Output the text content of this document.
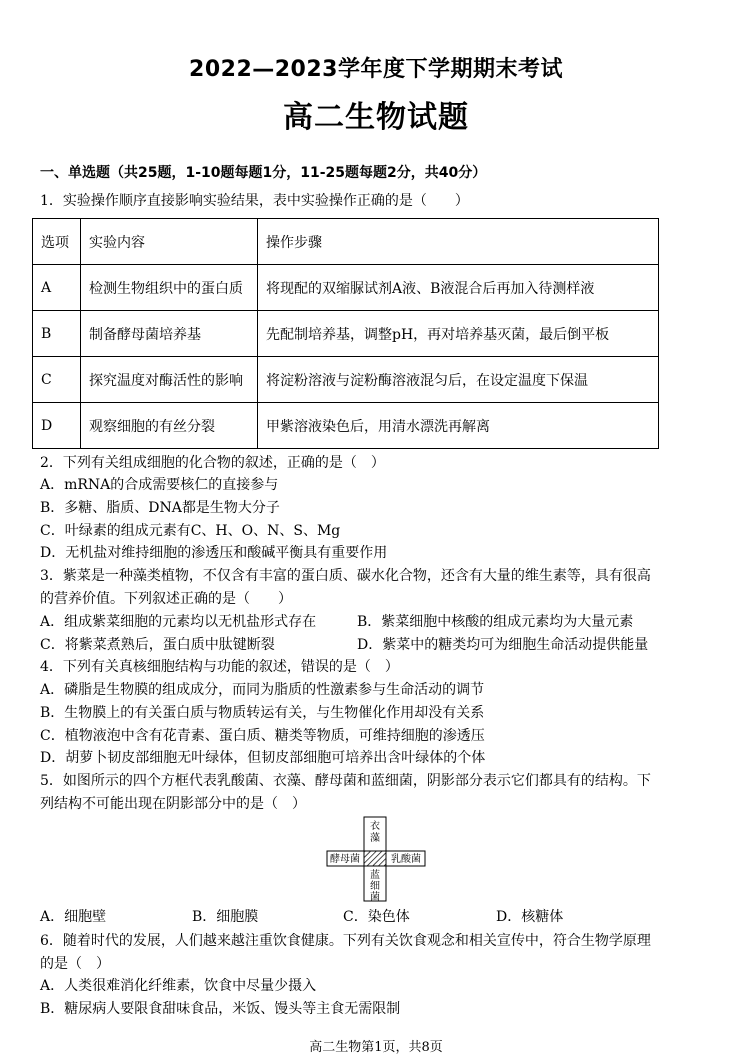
2022—2023学年度下学期期末考试
高二生物试题
一、单选题（共25题，1-10题每题1分，11-25题每题2分，共40分）
1．实验操作顺序直接影响实验结果，表中实验操作正确的是（　　）
选项	实验内容	操作步骤
A	检测生物组织中的蛋白质	将现配的双缩脲试剂A液、B液混合后再加入待测样液
B	制备酵母菌培养基	先配制培养基，调整pH，再对培养基灭菌，最后倒平板
C	探究温度对酶活性的影响	将淀粉溶液与淀粉酶溶液混匀后，在设定温度下保温
D	观察细胞的有丝分裂	甲紫溶液染色后，用清水漂洗再解离
2．下列有关组成细胞的化合物的叙述，正确的是（　）
A．mRNA的合成需要核仁的直接参与
B．多糖、脂质、DNA都是生物大分子
C．叶绿素的组成元素有C、H、O、N、S、Mg
D．无机盐对维持细胞的渗透压和酸碱平衡具有重要作用
3．紫菜是一种藻类植物，不仅含有丰富的蛋白质、碳水化合物，还含有大量的维生素等，具有很高
的营养价值。下列叙述正确的是（　　）
A．组成紫菜细胞的元素均以无机盐形式存在	B．紫菜细胞中核酸的组成元素均为大量元素
C．将紫菜煮熟后，蛋白质中肽键断裂	D．紫菜中的糖类均可为细胞生命活动提供能量
4．下列有关真核细胞结构与功能的叙述，错误的是（　）
A．磷脂是生物膜的组成成分，而同为脂质的性激素参与生命活动的调节
B．生物膜上的有关蛋白质与物质转运有关，与生物催化作用却没有关系
C．植物液泡中含有花青素、蛋白质、糖类等物质，可维持细胞的渗透压
D．胡萝卜韧皮部细胞无叶绿体，但韧皮部细胞可培养出含叶绿体的个体
5．如图所示的四个方框代表乳酸菌、衣藻、酵母菌和蓝细菌，阴影部分表示它们都具有的结构。下
列结构不可能出现在阴影部分中的是（　）
衣
藻
酵母菌	乳酸菌
蓝
细
菌
A．细胞壁	B．细胞膜	C．染色体	D．核糖体
6．随着时代的发展，人们越来越注重饮食健康。下列有关饮食观念和相关宣传中，符合生物学原理
的是（　）
A．人类很难消化纤维素，饮食中尽量少摄入
B．糖尿病人要限食甜味食品，米饭、馒头等主食无需限制
高二生物第1页，共8页
